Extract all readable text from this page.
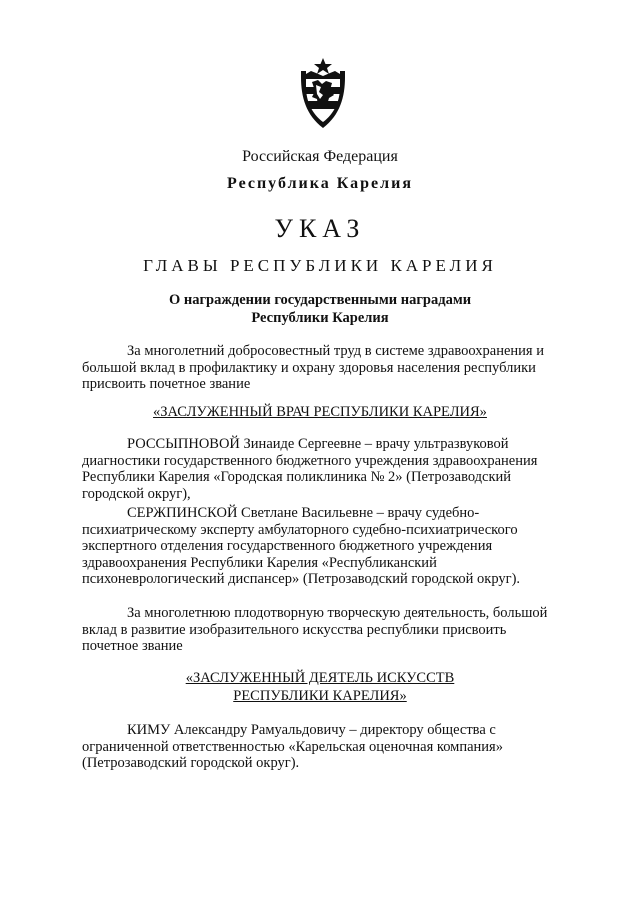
Российская Федерация
Республика Карелия
УКАЗ
ГЛАВЫ РЕСПУБЛИКИ КАРЕЛИЯ
О награждении государственными наградами
Республики Карелия
За многолетний добросовестный труд в системе здравоохранения и
большой вклад в профилактику и охрану здоровья населения республики
присвоить почетное звание
«ЗАСЛУЖЕННЫЙ ВРАЧ РЕСПУБЛИКИ КАРЕЛИЯ»
РОССЫПНОВОЙ Зинаиде Сергеевне – врачу ультразвуковой
диагностики государственного бюджетного учреждения здравоохранения
Республики Карелия «Городская поликлиника № 2» (Петрозаводский
городской округ),
СЕРЖПИНСКОЙ Светлане Васильевне – врачу судебно-
психиатрическому эксперту амбулаторного судебно-психиатрического
экспертного отделения государственного бюджетного учреждения
здравоохранения Республики Карелия «Республиканский
психоневрологический диспансер» (Петрозаводский городской округ).
За многолетнюю плодотворную творческую деятельность, большой
вклад в развитие изобразительного искусства республики присвоить
почетное звание
«ЗАСЛУЖЕННЫЙ ДЕЯТЕЛЬ ИСКУССТВ
РЕСПУБЛИКИ КАРЕЛИЯ»
КИМУ Александру Рамуальдовичу – директору общества с
ограниченной ответственностью «Карельская оценочная компания»
(Петрозаводский городской округ).
